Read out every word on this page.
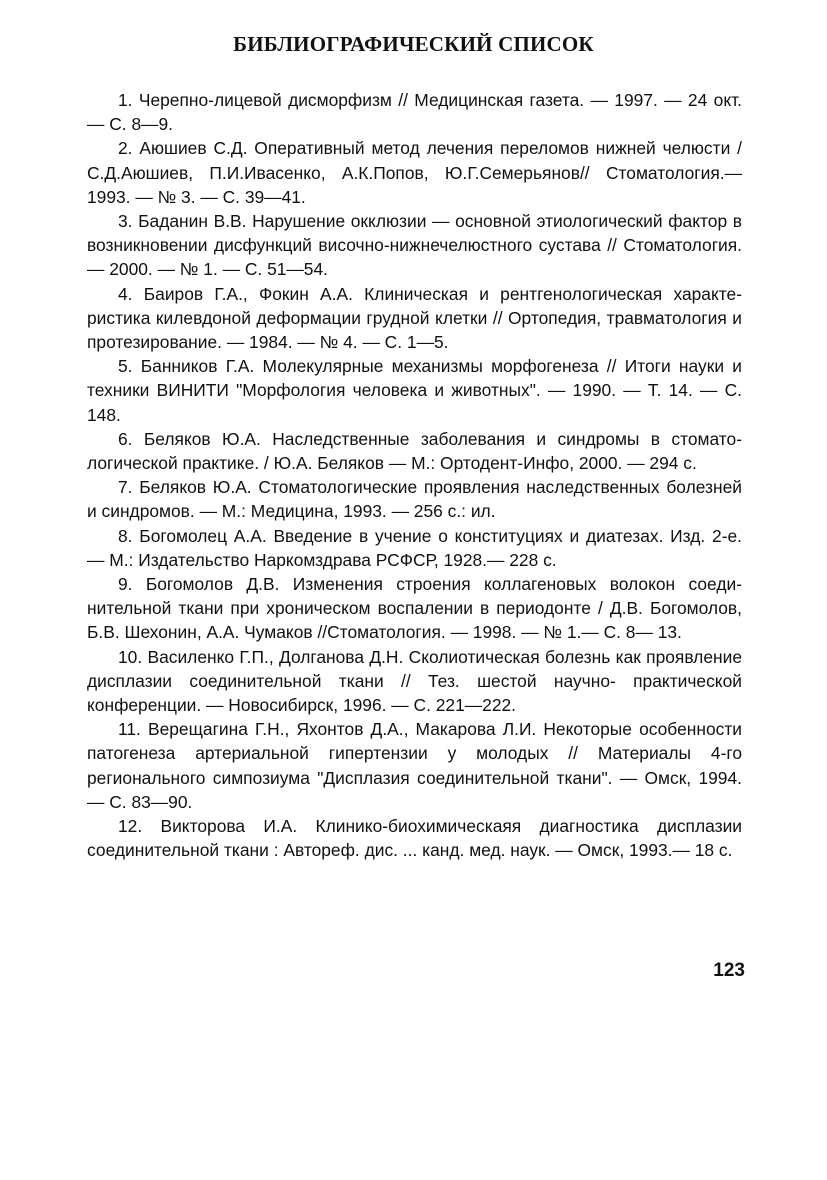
БИБЛИОГРАФИЧЕСКИЙ СПИСОК
1. Черепно-лицевой дисморфизм // Медицинская газета. — 1997. — 24 окт. — С. 8—9.
2. Аюшиев С.Д. Оперативный метод лечения переломов нижней челюсти / С.Д.Аюшиев, П.И.Ивасенко, А.К.Попов, Ю.Г.Семерьянов// Стоматология.— 1993. — № 3. — С. 39—41.
3. Баданин В.В. Нарушение окклюзии — основной этиологический фактор в возникновении дисфункций височно-нижнечелюстного сустава // Стоматология. — 2000. — № 1. — С. 51—54.
4. Баиров Г.А., Фокин А.А. Клиническая и рентгенологическая характеристика килевдоной деформации грудной клетки // Ортопедия, травматология и протезирование. — 1984. — № 4. — С. 1—5.
5. Банников Г.А. Молекулярные механизмы морфогенеза // Итоги науки и техники ВИНИТИ "Морфология человека и животных". — 1990. — Т. 14. — С. 148.
6. Беляков Ю.А. Наследственные заболевания и синдромы в стоматологической практике. / Ю.А. Беляков — М.: Ортодент-Инфо, 2000. — 294 с.
7. Беляков Ю.А. Стоматологические проявления наследственных болезней и синдромов. — М.: Медицина, 1993. — 256 с.: ил.
8. Богомолец А.А. Введение в учение о конституциях и диатезах. Изд. 2-е. — М.: Издательство Наркомздрава РСФСР, 1928.— 228 с.
9. Богомолов Д.В. Изменения строения коллагеновых волокон соединительной ткани при хроническом воспалении в периодонте / Д.В. Богомолов, Б.В. Шехонин, А.А. Чумаков //Стоматология. — 1998. — № 1.— С. 8— 13.
10. Василенко Г.П., Долганова Д.Н. Сколиотическая болезнь как проявление дисплазии соединительной ткани // Тез. шестой научно- практической конференции. — Новосибирск, 1996. — С. 221—222.
11. Верещагина Г.Н., Яхонтов Д.А., Макарова Л.И. Некоторые особенности патогенеза артериальной гипертензии у молодых // Материалы 4-го регионального симпозиума "Дисплазия соединительной ткани". — Омск, 1994. — С. 83—90.
12. Викторова И.А. Клинико-биохимическаяя диагностика дисплазии соединительной ткани : Автореф. дис. ... канд. мед. наук. — Омск, 1993.— 18 с.
123
